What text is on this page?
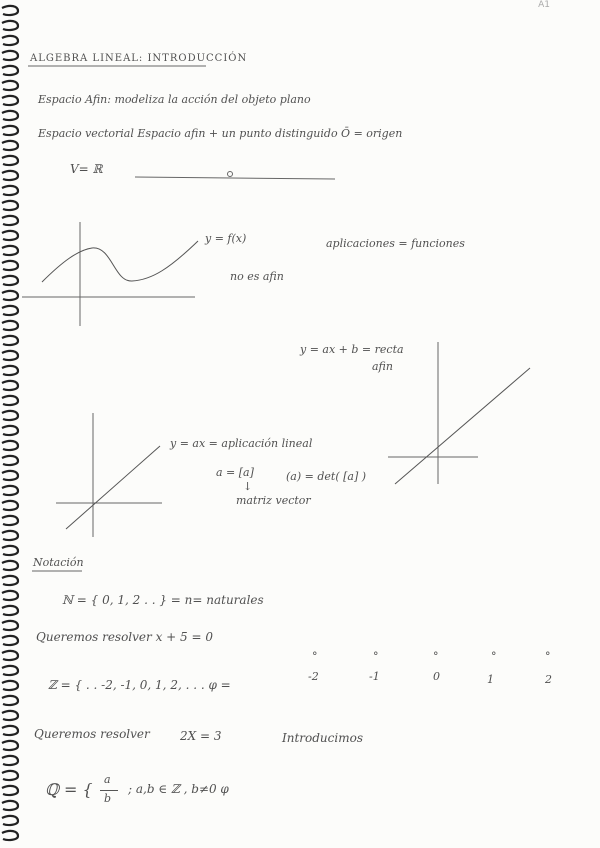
A1
ALGEBRA LINEAL: INTRODUCCIÓN
Espacio Afin: modeliza la acción del objeto plano
Espacio vectorial Espacio afin + un punto distinguido Ō = origen
V= ℝ
y = f(x)	aplicaciones = funciones
no es afin
y = ax + b = recta
afin
y = ax = aplicación lineal
a = [a]
↓
matriz vector
(a) = det( [a] )
Notación
ℕ = { 0, 1, 2 . . } = n= naturales
Queremos resolver x + 5 = 0
ℤ = { . . -2, -1, 0, 1, 2, . . . φ =
°	°	°	°	°
-2	-1	0	1	2
Queremos resolver	2X = 3	Introducimos
ℚ = {
a
b
; a,b ∈ ℤ , b≠0 φ
